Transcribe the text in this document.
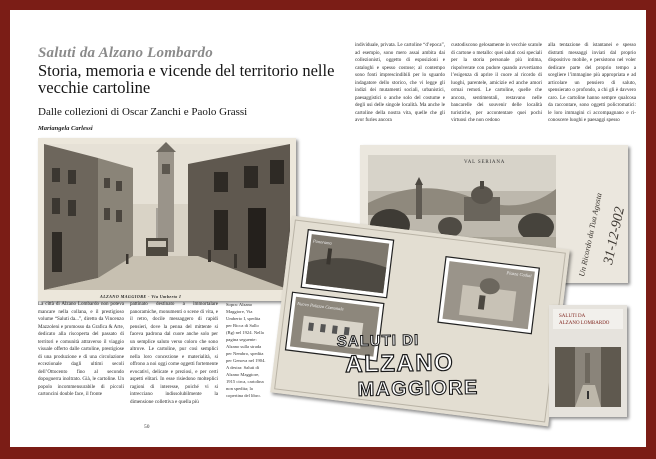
Saluti da Alzano Lombardo
Storia, memoria e vicende del territorio nelle vecchie cartoline
Dalle collezioni di Oscar Zanchi e Paolo Grassi
Mariangela Carlessi
individuale, privata. Le cartoline “d’epoca”, ad esempio, sono mero assai ambita dai collezionisti, oggetto di esposizioni e cataloghi e spesso costose; al contempo sono fonti imprescindibili per lo sguardo indagatore dello storico, che vi legge gli indizi dei mutamenti sociali, urbanistici, paesaggistici o anche solo del costume e degli usi delle singole località. Ma anche le cartoline della nostra vita, quelle che gli avor furies ancora
custodiscono gelosamente in vecchie scatole di cartone o metallo: quei saluti così speciali per la storia personale più intima, rispolverate con pudore quando avvertiamo l’esigenza di aprire il cuore al ricordo di luoghi, parentele, amicizie ed anche amori ormai remoti. Le cartoline, quelle che ancora, sentimentali, restavano nelle bancarelle dei souvenir delle località turistiche, per accontentare quei pochi virtuosi che non cedono
alla tentazione di istantanei e spesso distratti messaggi inviati dal proprio dispositivo mobile, e persistono nel voler dedicare parte del proprio tempo a scegliere l’immagine più appropriata e ad articolare un pensiero di saluto, spensierato o profondo, a chi gli è davvero caro. Le cartoline hanno sempre qualcosa da raccontare, sono oggetti policromatici: le loro immagini ci accompagnano e ri-conoscere luoghi e paesaggi spesso
La città di Alzano Lombardo non poteva mancare nella collana, e il prestigioso volume “Saluti da...”, diretto da Vincenzo Mazzoleni e promosso da Grafica & Arte, dedicato alla riscoperta del passato di territori e comunità attraverso il viaggio visuale offerto dalle cartoline, prestigiose di una produzione e di una circolazione eccezionale dagli ultimi secoli dell’Ottocento fino al secondo dopoguerra inoltrato. Già, le cartoline. Un popolo incommensurabile di piccoli cartoncini double face, il fronte
pattinato destinato a immortalare panoramiche, monumenti o scene di vita, e il retro, docile messaggero di rapidi pensieri, dove la penna del mittente si faceva padrona dal cuore anche solo per un semplice saluto verso coloro che sono altrove. Le cartoline, pur così semplici nella loro concezione e materialità, si offrono a noi oggi come oggetti fortemente evocativi, delicate e preziosi, e per certi aspetti elitari. In esse risiedono molteplici ragioni di interesse, poiché vi si intrecciano indissolubilmente la dimensione collettiva e quella più
Sopra: Alzano Maggiore, Via Umberto I, spedita per Bicca di Sallo (Bg) nel 1924. Nella pagina seguente: Alzano sulla strada per Nembro, spedita per Genova nel 1904. A destra: Saluti di Alzano Maggiore, 1915 circa, cartolina non spedita; la copertina del libro.
50
ALZANO MAGGIORE - Via Umberto I
VAL SERIANA
Un Ricordo da Tua Agosta
31-12-902
Panorama
Nuovo Palazzo Comunale
Piazza Caduti
SALUTI DI
ALZANO
MAGGIORE
SALUTI DA
ALZANO LOMBARDO
